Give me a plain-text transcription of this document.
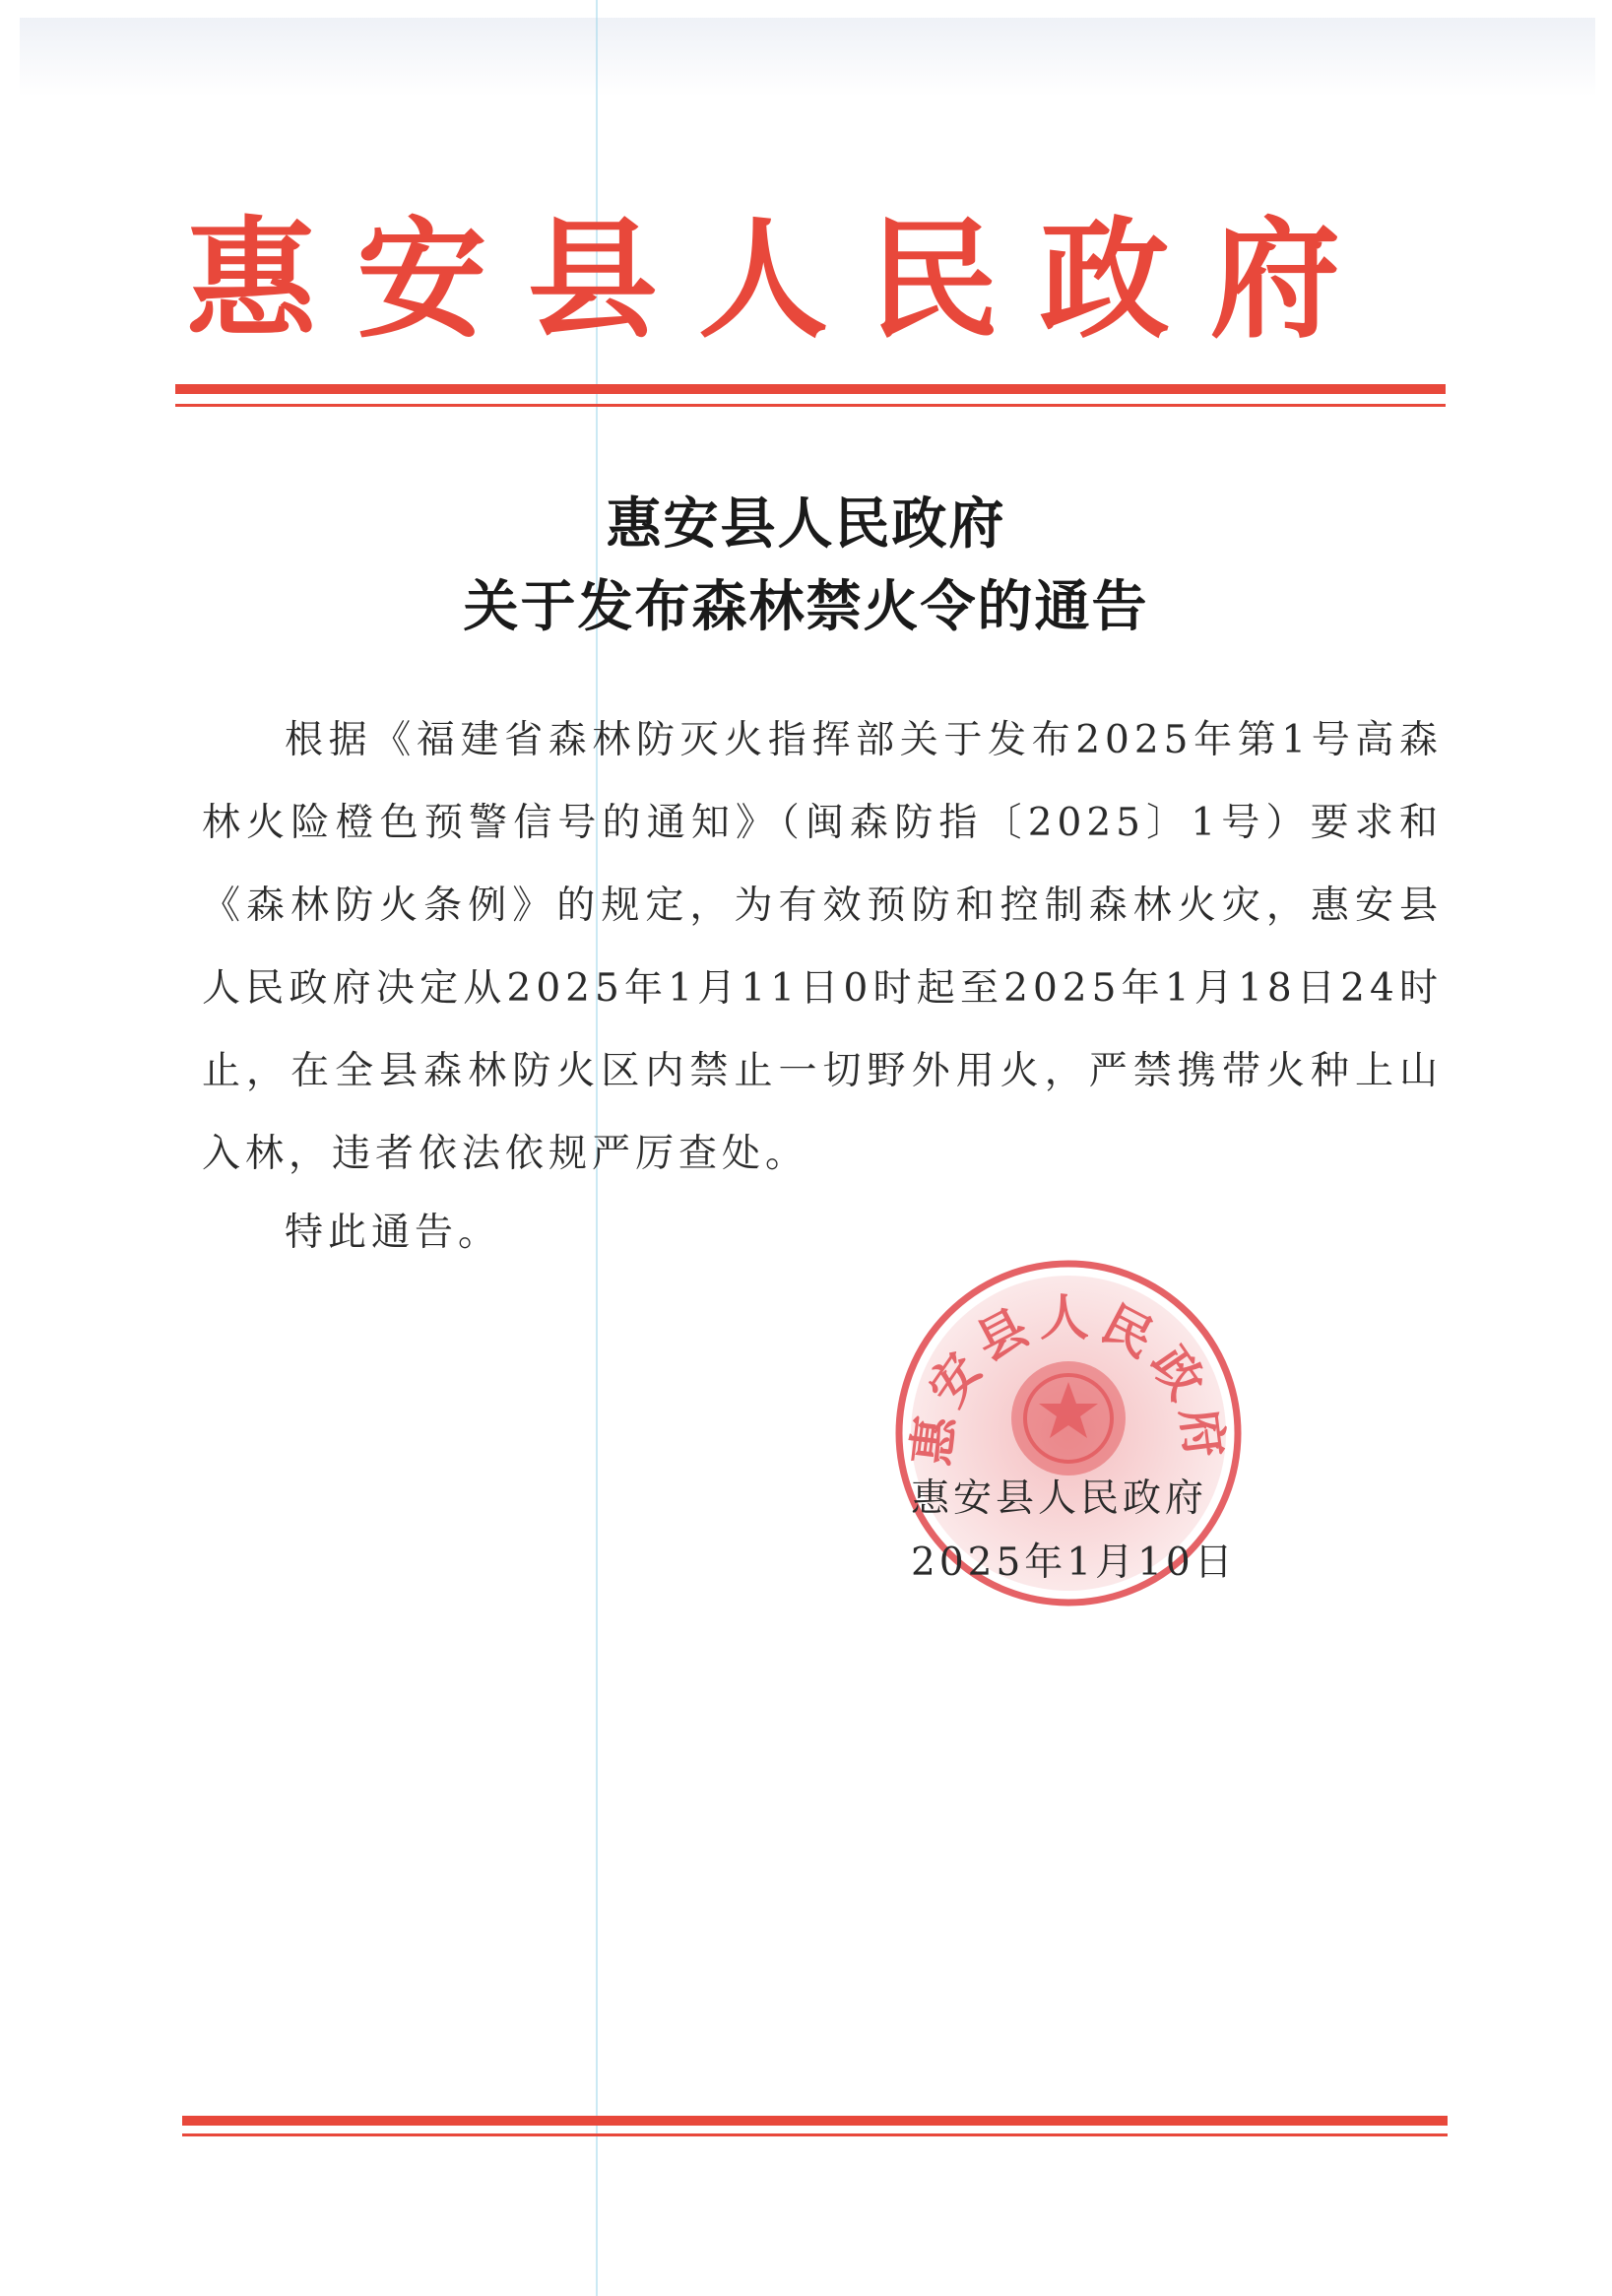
惠 安 县 人 民 政 府
惠安县人民政府
关于发布森林禁火令的通告
根据《福建省森林防灭火指挥部关于发布2025年第1号高森林火险橙色预警信号的通知》（闽森防指〔2025〕1号）要求和《森林防火条例》的规定，为有效预防和控制森林火灾，惠安县人民政府决定从2025年1月11日0时起至2025年1月18日24时止，在全县森林防火区内禁止一切野外用火，严禁携带火种上山入林，违者依法依规严厉查处。
特此通告。
惠安县人民政府
惠安县人民政府
2025年1月10日
